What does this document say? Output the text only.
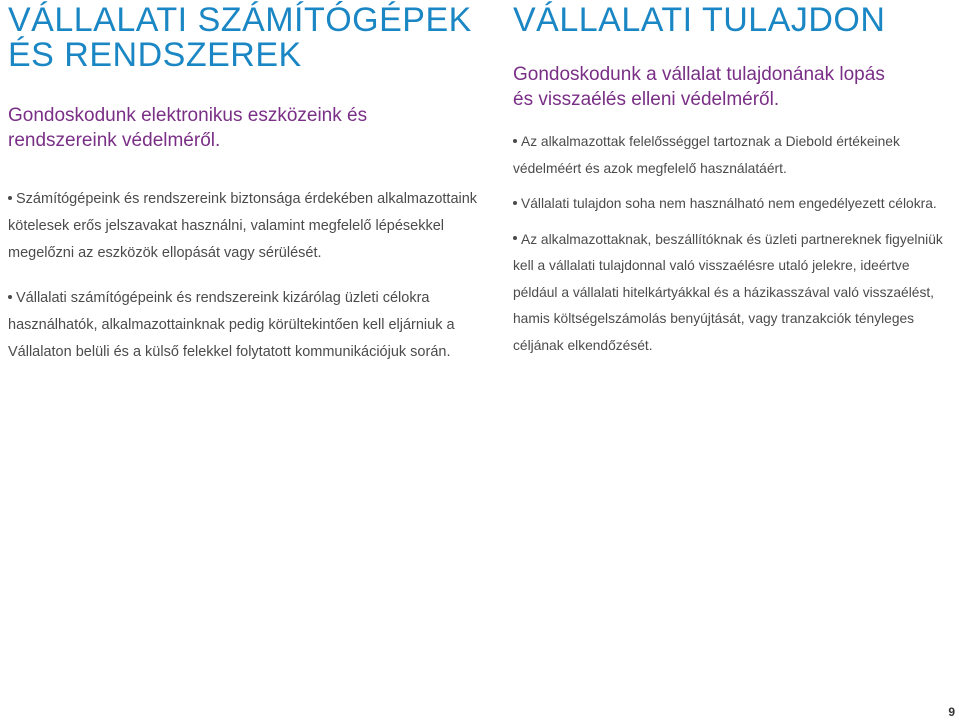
VÁLLALATI SZÁMÍTÓGÉPEK
ÉS RENDSZEREK

Gondoskodunk elektronikus eszközeink és
rendszereink védelméről.

Számítógépeink és rendszereink biztonsága érdekében alkalmazottaink kötelesek erős jelszavakat használni, valamint megfelelő lépésekkel megelőzni az eszközök ellopását vagy sérülését.
Vállalati számítógépeink és rendszereink kizárólag üzleti célokra használhatók, alkalmazottainknak pedig körültekintően kell eljárniuk a Vállalaton belüli és a külső felekkel folytatott kommunikációjuk során.
VÁLLALATI TULAJDON

Gondoskodunk a vállalat tulajdonának lopás
és visszaélés elleni védelméről.

Az alkalmazottak felelősséggel tartoznak a Diebold értékeinek védelméért és azok megfelelő használatáért.
Vállalati tulajdon soha nem használható nem engedélyezett célokra.
Az alkalmazottaknak, beszállítóknak és üzleti partnereknek figyelniük kell a vállalati tulajdonnal való visszaélésre utaló jelekre, ideértve például a vállalati hitelkártyákkal és a házikasszával való visszaélést, hamis költségelszámolás benyújtását, vagy tranzakciók tényleges céljának elkendőzését.
9
